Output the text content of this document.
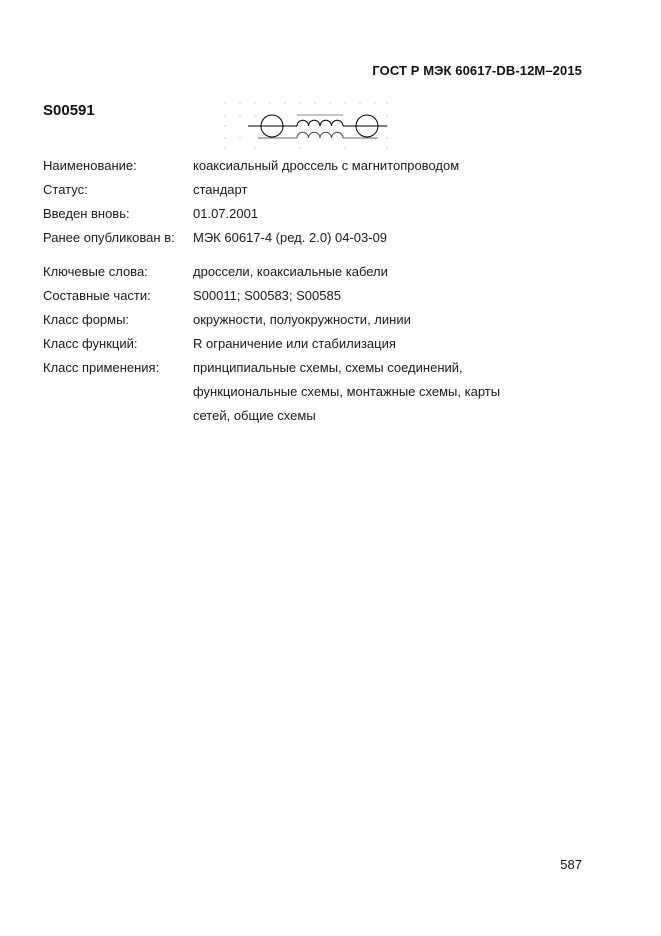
ГОСТ Р МЭК 60617-DB-12M–2015
S00591
Наименование:	коаксиальный дроссель с магнитопроводом
Статус:	стандарт
Введен вновь:	01.07.2001
Ранее опубликован в:	МЭК 60617-4 (ред. 2.0) 04-03-09
Ключевые слова:	дроссели, коаксиальные кабели
Составные части:	S00011; S00583; S00585
Класс формы:	окружности, полуокружности, линии
Класс функций:	R ограничение или стабилизация
Класс применения:	принципиальные схемы, схемы соединений,
функциональные схемы, монтажные схемы, карты
сетей, общие схемы
587
